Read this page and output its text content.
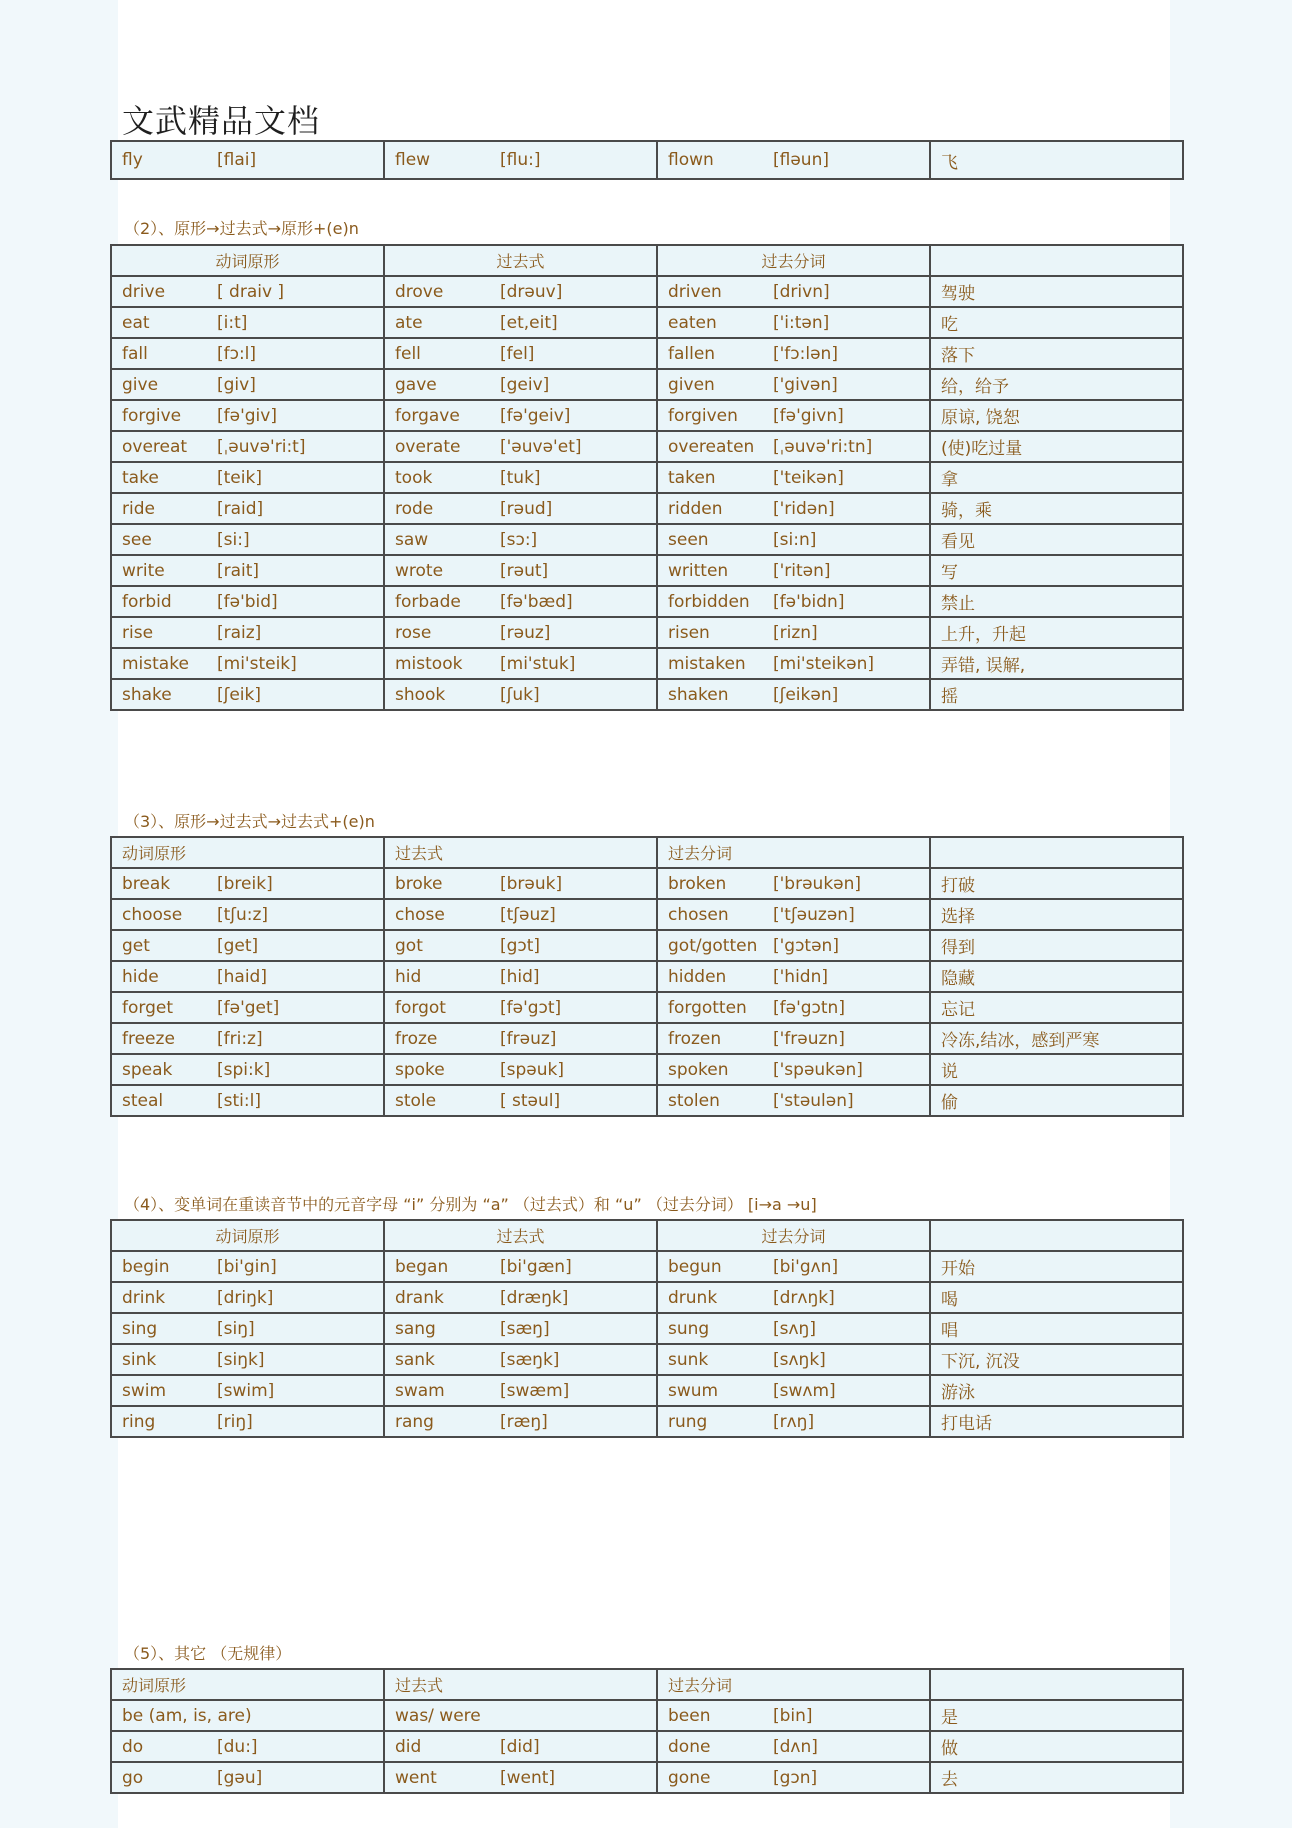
文武精品文档
fly	[flai]	flew	[flu:]	flown	[fləun]	飞
（2）、原形→过去式→原形+(e)n
动词原形	过去式	过去分词	
drive [ draiv ]	drove [drəuv]	driven [drivn]	驾驶
eat [i:t]	ate [et,eit]	eaten ['i:tən]	吃
fall [fɔ:l]	fell [fel]	fallen ['fɔ:lən]	落下
give [giv]	gave [geiv]	given ['givən]	给，给予
forgive [fə'giv]	forgave [fə'geiv]	forgiven [fə'givn]	原谅, 饶恕
overeat [ˌəuvə'ri:t]	overate ['əuvə'et]	overeaten [ˌəuvə'ri:tn]	(使)吃过量
take [teik]	took [tuk]	taken ['teikən]	拿
ride [raid]	rode [rəud]	ridden ['ridən]	骑，乘
see [si:]	saw [sɔ:]	seen [si:n]	看见
write [rait]	wrote [rəut]	written ['ritən]	写
forbid [fə'bid]	forbade [fə'bæd]	forbidden [fə'bidn]	禁止
rise [raiz]	rose [rəuz]	risen [rizn]	上升，升起
mistake [mi'steik]	mistook [mi'stuk]	mistaken [mi'steikən]	弄错, 误解,
shake [ʃeik]	shook [ʃuk]	shaken [ʃeikən]	摇
（3）、原形→过去式→过去式+(e)n
动词原形	过去式	过去分词	
break [breik]	broke [brəuk]	broken ['brəukən]	打破
choose [tʃu:z]	chose [tʃəuz]	chosen ['tʃəuzən]	选择
get [get]	got [gɔt]	got/gotten ['gɔtən]	得到
hide [haid]	hid [hid]	hidden ['hidn]	隐藏
forget [fə'get]	forgot [fə'gɔt]	forgotten [fə'gɔtn]	忘记
freeze [fri:z]	froze [frəuz]	frozen ['frəuzn]	冷冻,结冰，感到严寒
speak [spi:k]	spoke [spəuk]	spoken ['spəukən]	说
steal [sti:l]	stole [ stəul]	stolen ['stəulən]	偷
（4）、变单词在重读音节中的元音字母 “i” 分别为 “a” （过去式）和 “u” （过去分词） [i→a →u]
动词原形	过去式	过去分词	
begin [bi'gin]	began [bi'gæn]	begun [bi'gʌn]	开始
drink [driŋk]	drank [dræŋk]	drunk [drʌŋk]	喝
sing [siŋ]	sang [sæŋ]	sung [sʌŋ]	唱
sink [siŋk]	sank [sæŋk]	sunk [sʌŋk]	下沉, 沉没
swim [swim]	swam [swæm]	swum [swʌm]	游泳
ring [riŋ]	rang [ræŋ]	rung [rʌŋ]	打电话
（5）、其它 （无规律）
动词原形	过去式	过去分词	
be (am, is, are)	was/ were	been [bin]	是
do [du:]	did [did]	done [dʌn]	做
go [gəu]	went [went]	gone [gɔn]	去
